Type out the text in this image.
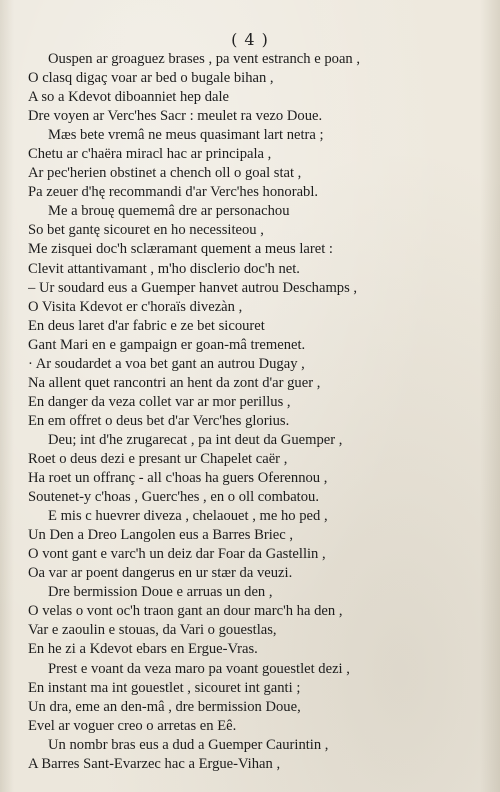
( 4 )
Ouspen ar groaguez brases , pa vent estranch e poan ,
O clasq digaç voar ar bed o bugale bihan ,
A so a Kdevot diboanniet hep dale
Dre voyen ar Verc'hes Sacr : meulet ra vezo Doue.
Mæs bete vremâ ne meus quasimant lart netra ;
Chetu ar c'haëra miracl hac ar principala ,
Ar pec'herien obstinet a chench oll o goal stat ,
Pa zeuer d'hę recommandi d'ar Verc'hes honorabl.
Me a brouę quememâ dre ar personachou
So bet gantę sicouret en ho necessiteou ,
Me zisquei doc'h sclæramant quement a meus laret :
Clevit attantivamant , m'ho disclerio doc'h net.
– Ur soudard eus a Guemper hanvet autrou Deschamps ,
O Visita Kdevot er c'horaïs divezàn ,
En deus laret d'ar fabric e ze bet sicouret
Gant Mari en e gampaign er goan-mâ tremenet.
· Ar soudardet a voa bet gant an autrou Dugay ,
Na allent quet rancontri an hent da zont d'ar guer ,
En danger da veza collet var ar mor perillus ,
En em offret o deus bet d'ar Verc'hes glorius.
Deu; int d'he zrugarecat , pa int deut da Guemper ,
Roet o deus dezi e presant ur Chapelet caër ,
Ha roet un offranç - all c'hoas ha guers Oferennou ,
Soutenet-y c'hoas , Guerc'hes , en o oll combatou.
E mis c huevrer diveza , chelaouet , me ho ped ,
Un Den a Dreo Langolen eus a Barres Briec ,
O vont gant e varc'h un deiz dar Foar da Gastellin ,
Oa var ar poent dangerus en ur stær da veuzi.
Dre bermission Doue e arruas un den ,
O velas o vont oc'h traon gant an dour marc'h ha den ,
Var e zaoulin e stouas, da Vari o gouestlas,
En he zi a Kdevot ebars en Ergue-Vras.
Prest e voant da veza maro pa voant gouestlet dezi ,
En instant ma int gouestlet , sicouret int ganti ;
Un dra, eme an den-mâ , dre bermission Doue,
Evel ar voguer creo o arretas en Eê.
Un nombr bras eus a dud a Guemper Caurintin ,
A Barres Sant-Evarzec hac a Ergue-Vihan ,
